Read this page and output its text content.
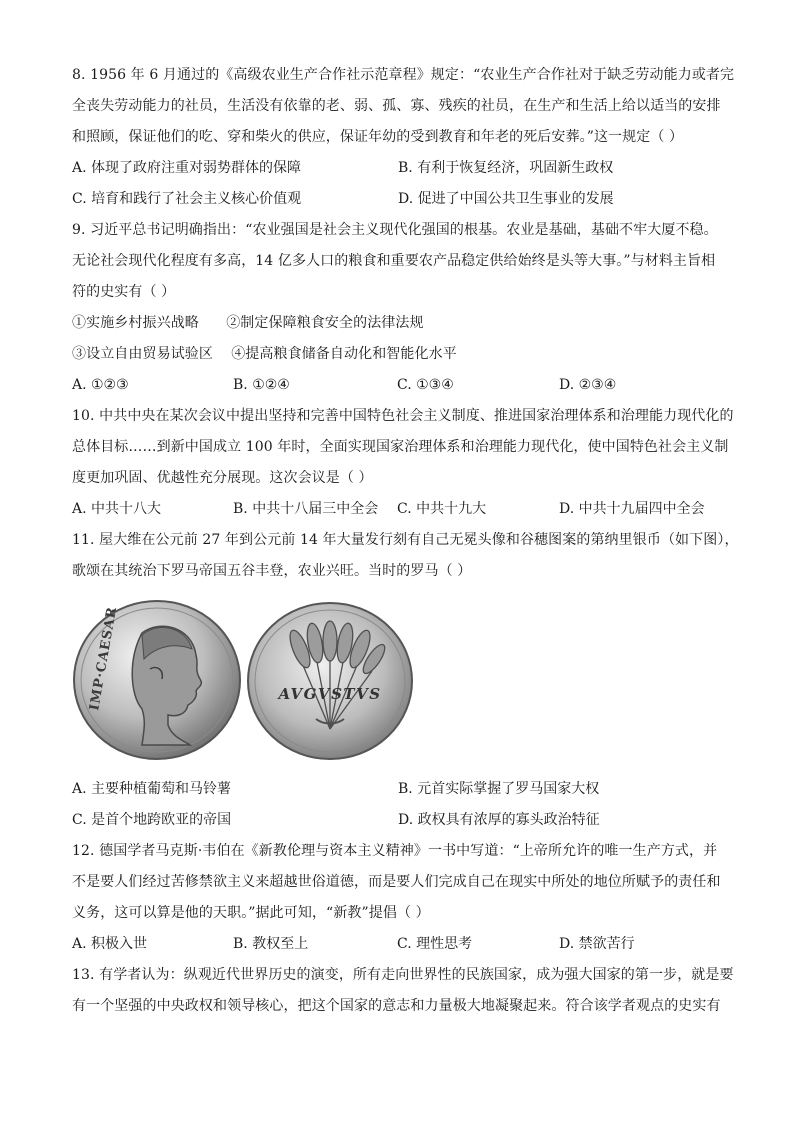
8. 1956 年 6 月通过的《高级农业生产合作社示范章程》规定：“农业生产合作社对于缺乏劳动能力或者完
全丧失劳动能力的社员，生活没有依靠的老、弱、孤、寡、残疾的社员，在生产和生活上给以适当的安排
和照顾，保证他们的吃、穿和柴火的供应，保证年幼的受到教育和年老的死后安葬。”这一规定（ ）
A. 体现了政府注重对弱势群体的保障	B. 有利于恢复经济，巩固新生政权
C. 培育和践行了社会主义核心价值观	D. 促进了中国公共卫生事业的发展
9. 习近平总书记明确指出：“农业强国是社会主义现代化强国的根基。农业是基础，基础不牢大厦不稳。
无论社会现代化程度有多高，14 亿多人口的粮食和重要农产品稳定供给始终是头等大事。”与材料主旨相
符的史实有（ ）
①实施乡村振兴战略      ②制定保障粮食安全的法律法规
③设立自由贸易试验区    ④提高粮食储备自动化和智能化水平
A. ①②③	B. ①②④	C. ①③④	D. ②③④
10. 中共中央在某次会议中提出坚持和完善中国特色社会主义制度、推进国家治理体系和治理能力现代化的
总体目标……到新中国成立 100 年时，全面实现国家治理体系和治理能力现代化，使中国特色社会主义制
度更加巩固、优越性充分展现。这次会议是（ ）
A. 中共十八大	B. 中共十八届三中全会	C. 中共十九大	D. 中共十九届四中全会
11. 屋大维在公元前 27 年到公元前 14 年大量发行刻有自己无冕头像和谷穗图案的第纳里银币（如下图），
歌颂在其统治下罗马帝国五谷丰登，农业兴旺。当时的罗马（ ）
IMP·CAESAR	AVGVSTVS
A. 主要种植葡萄和马铃薯	B. 元首实际掌握了罗马国家大权
C. 是首个地跨欧亚的帝国	D. 政权具有浓厚的寡头政治特征
12. 德国学者马克斯·韦伯在《新教伦理与资本主义精神》一书中写道：“上帝所允许的唯一生产方式，并
不是要人们经过苦修禁欲主义来超越世俗道德，而是要人们完成自己在现实中所处的地位所赋予的责任和
义务，这可以算是他的天职。”据此可知，“新教”提倡（ ）
A. 积极入世	B. 教权至上	C. 理性思考	D. 禁欲苦行
13. 有学者认为：纵观近代世界历史的演变，所有走向世界性的民族国家，成为强大国家的第一步，就是要
有一个坚强的中央政权和领导核心，把这个国家的意志和力量极大地凝聚起来。符合该学者观点的史实有
